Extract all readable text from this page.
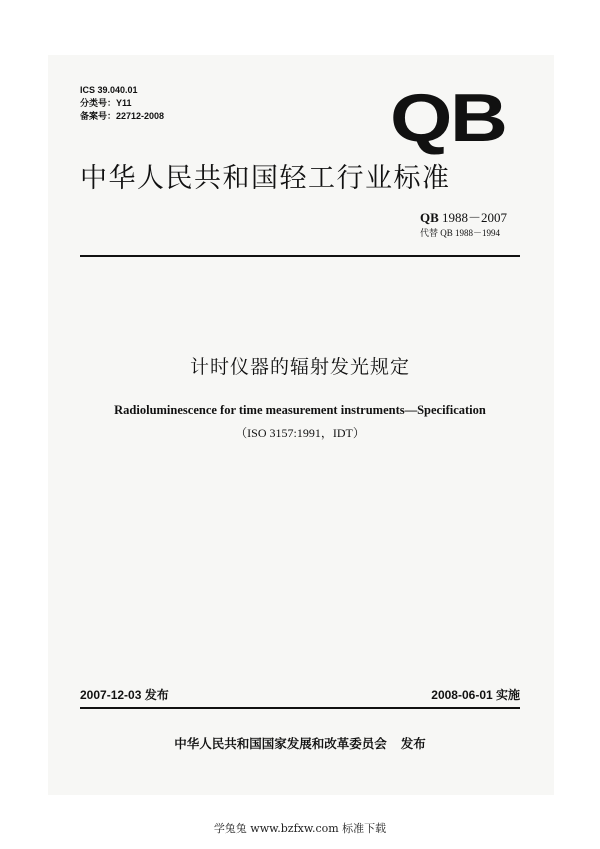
ICS 39.040.01
分类号：Y11
备案号：22712-2008	QB
中华人民共和国轻工行业标准
QB 1988－2007
代替 QB 1988－1994
计时仪器的辐射发光规定
Radioluminescence for time measurement instruments—Specification
（ISO 3157:1991，IDT）
2007-12-03 发布	2008-06-01 实施
中华人民共和国国家发展和改革委员会 发布
学兔兔 www.bzfxw.com 标准下载
